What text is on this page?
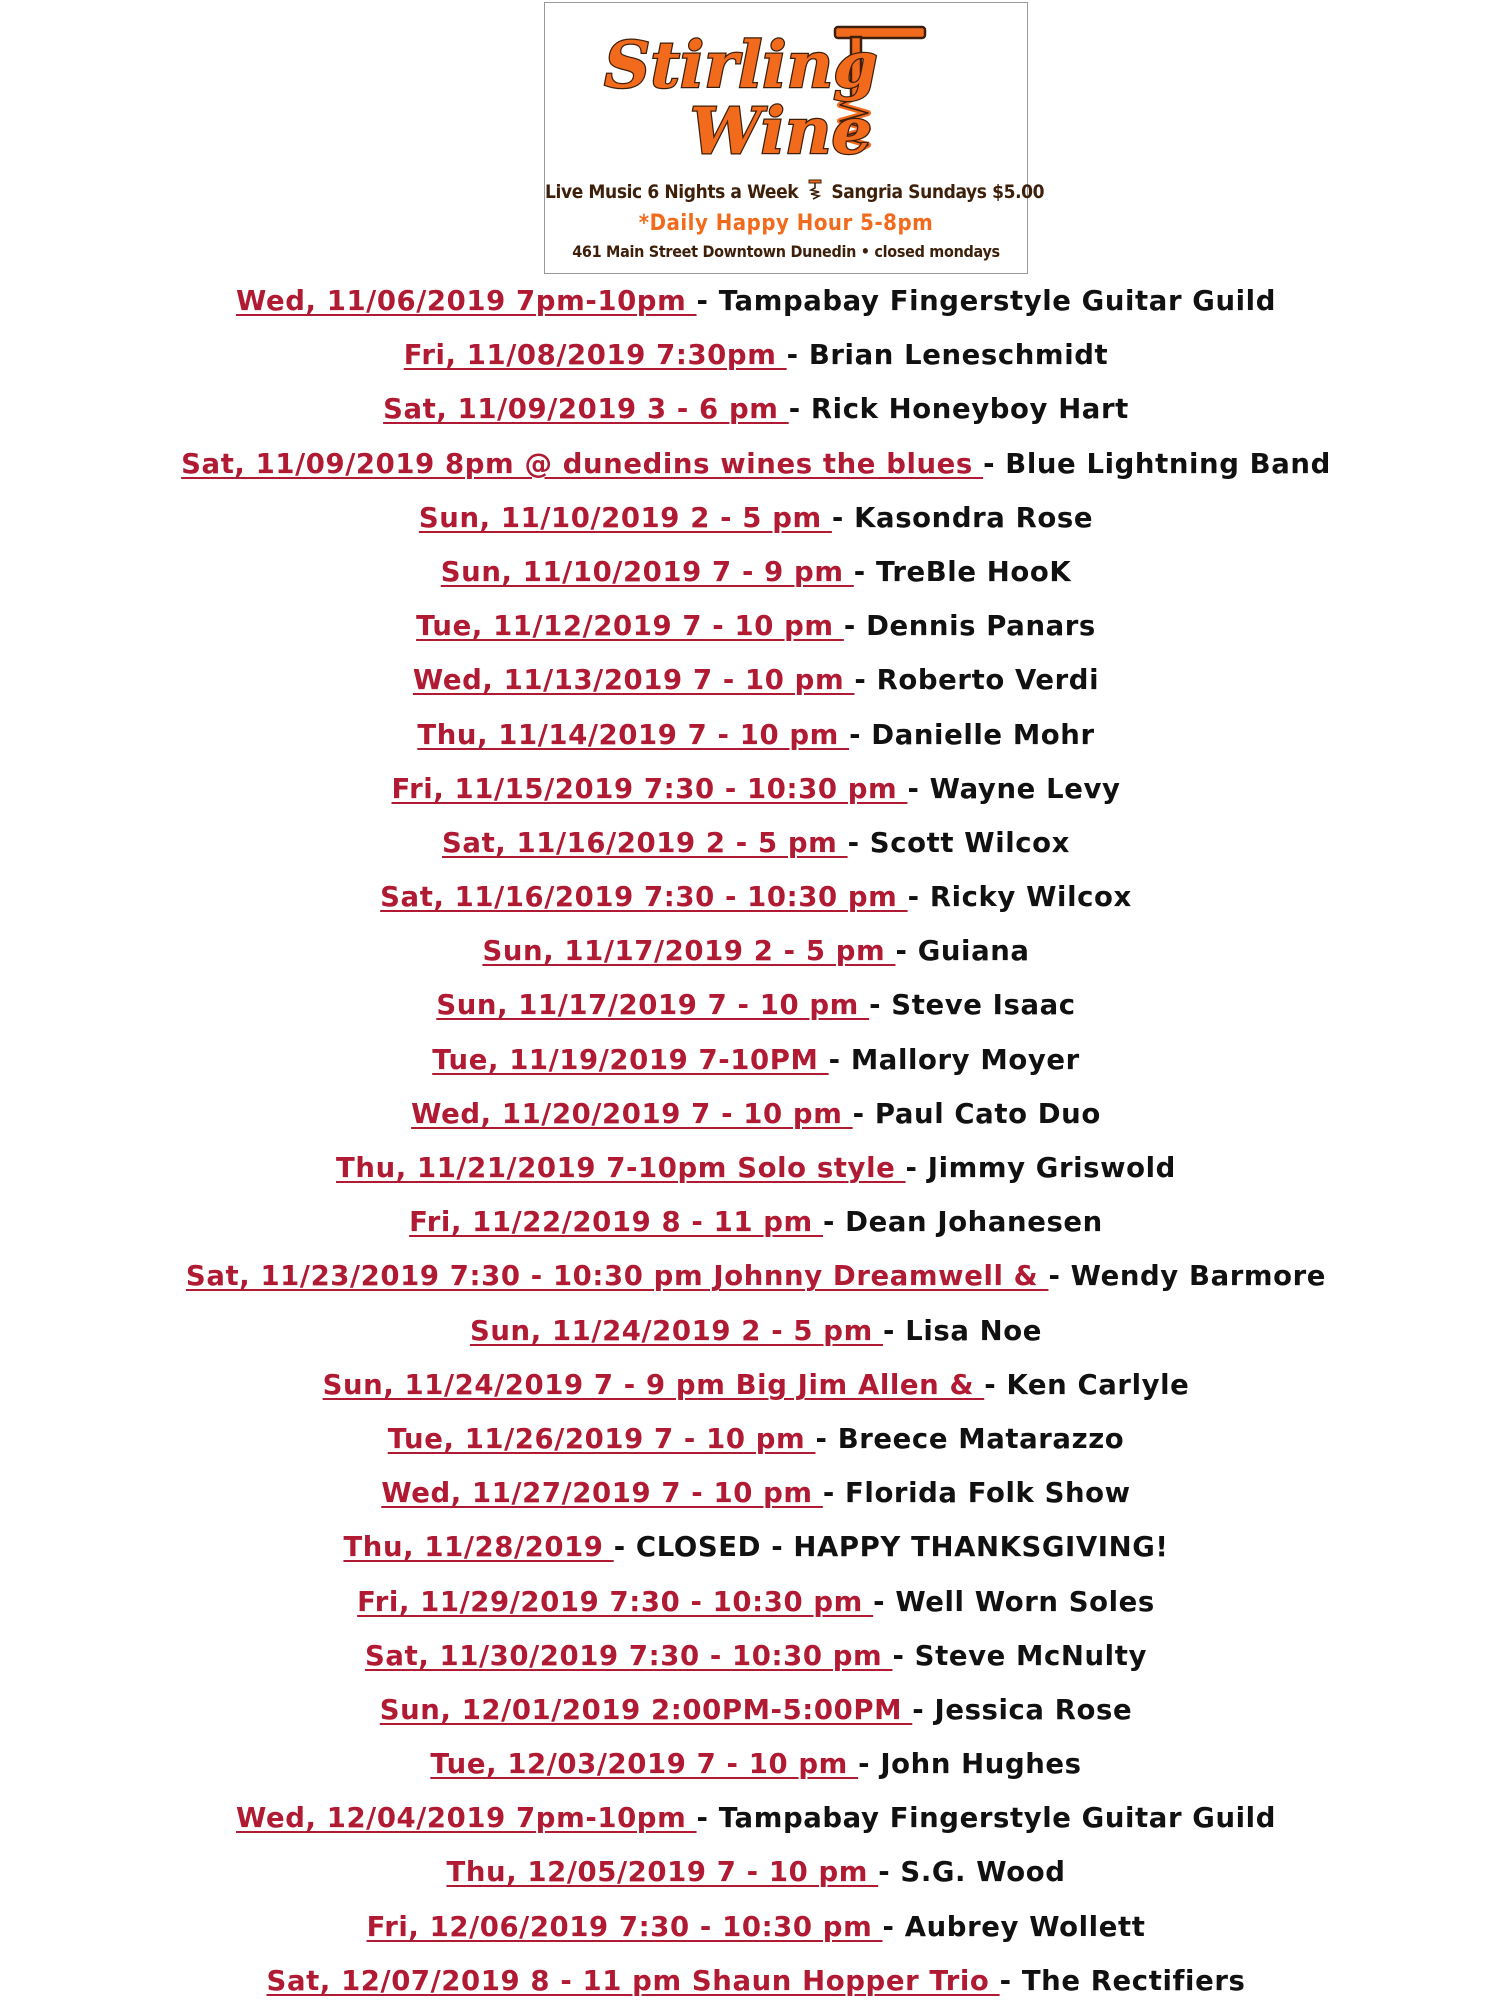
Stirling
Wine
Live Music 6 Nights a Week Sangria Sundays $5.00
*Daily Happy Hour 5-8pm
461 Main Street Downtown Dunedin • closed mondays
Wed, 11/06/2019 7pm-10pm - Tampabay Fingerstyle Guitar Guild
Fri, 11/08/2019 7:30pm - Brian Leneschmidt
Sat, 11/09/2019 3 - 6 pm - Rick Honeyboy Hart
Sat, 11/09/2019 8pm @ dunedins wines the blues - Blue Lightning Band
Sun, 11/10/2019 2 - 5 pm - Kasondra Rose
Sun, 11/10/2019 7 - 9 pm - TreBle HooK
Tue, 11/12/2019 7 - 10 pm - Dennis Panars
Wed, 11/13/2019 7 - 10 pm - Roberto Verdi
Thu, 11/14/2019 7 - 10 pm - Danielle Mohr
Fri, 11/15/2019 7:30 - 10:30 pm - Wayne Levy
Sat, 11/16/2019 2 - 5 pm - Scott Wilcox
Sat, 11/16/2019 7:30 - 10:30 pm - Ricky Wilcox
Sun, 11/17/2019 2 - 5 pm - Guiana
Sun, 11/17/2019 7 - 10 pm - Steve Isaac
Tue, 11/19/2019 7-10PM - Mallory Moyer
Wed, 11/20/2019 7 - 10 pm - Paul Cato Duo
Thu, 11/21/2019 7-10pm Solo style - Jimmy Griswold
Fri, 11/22/2019 8 - 11 pm - Dean Johanesen
Sat, 11/23/2019 7:30 - 10:30 pm Johnny Dreamwell & - Wendy Barmore
Sun, 11/24/2019 2 - 5 pm - Lisa Noe
Sun, 11/24/2019 7 - 9 pm Big Jim Allen & - Ken Carlyle
Tue, 11/26/2019 7 - 10 pm - Breece Matarazzo
Wed, 11/27/2019 7 - 10 pm - Florida Folk Show
Thu, 11/28/2019 - CLOSED - HAPPY THANKSGIVING!
Fri, 11/29/2019 7:30 - 10:30 pm - Well Worn Soles
Sat, 11/30/2019 7:30 - 10:30 pm - Steve McNulty
Sun, 12/01/2019 2:00PM-5:00PM - Jessica Rose
Tue, 12/03/2019 7 - 10 pm - John Hughes
Wed, 12/04/2019 7pm-10pm - Tampabay Fingerstyle Guitar Guild
Thu, 12/05/2019 7 - 10 pm - S.G. Wood
Fri, 12/06/2019 7:30 - 10:30 pm - Aubrey Wollett
Sat, 12/07/2019 8 - 11 pm Shaun Hopper Trio - The Rectifiers
